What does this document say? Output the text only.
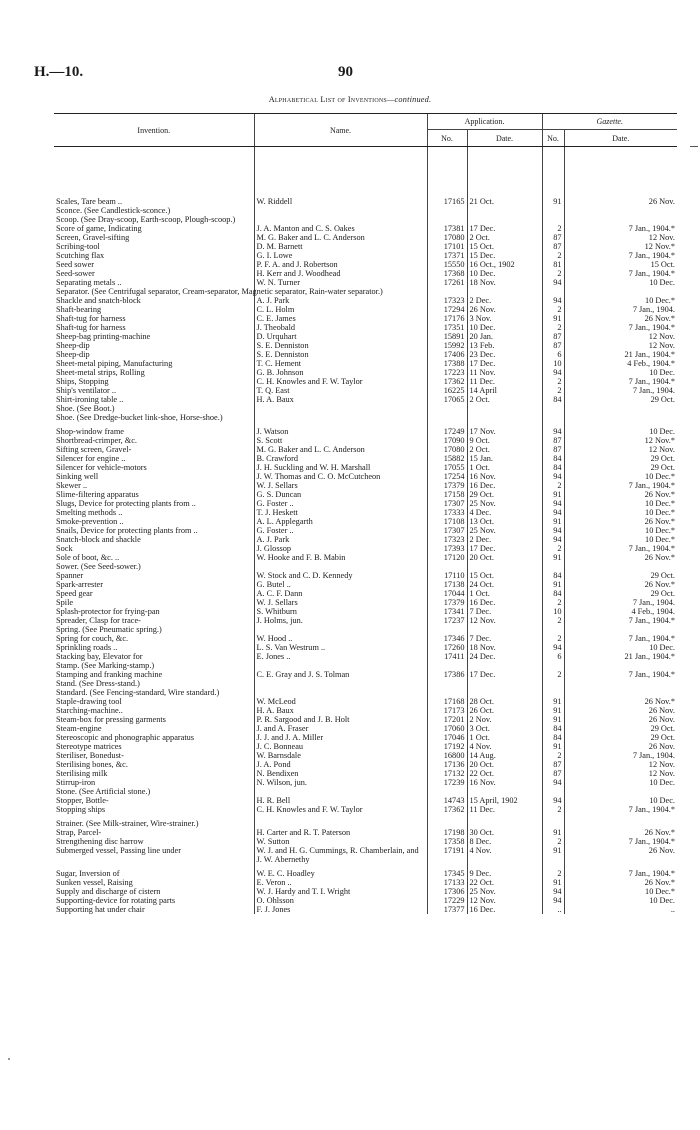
H.—10.	90
Alphabetical List of Inventions—continued.
Invention.	Name.	Application.		Gazette.	
		No.	Date.	No.	Date.
Scales, Tare beam ..	W. Riddell	17165	21 Oct.	91	26 Nov.
Sconce. (See Candlestick-sconce.)					
Scoop. (See Dray-scoop, Earth-scoop, Plough-scoop.)					
Score of game, Indicating	J. A. Manton and C. S. Oakes	17381	17 Dec.	2	7 Jan., 1904.*
Screen, Gravel-sifting	M. G. Baker and L. C. Anderson	17080	2 Oct.	87	12 Nov.
Scribing-tool	D. M. Barnett	17101	15 Oct.	87	12 Nov.*
Scutching flax	G. I. Lowe	17371	15 Dec.	2	7 Jan., 1904.*
Seed sower	P. F. A. and J. Robertson	15550	16 Oct., 1902	81	15 Oct.
Seed-sower	H. Kerr and J. Woodhead	17368	10 Dec.	2	7 Jan., 1904.*
Separating metals ..	W. N. Turner	17261	18 Nov.	94	10 Dec.
Separator. (See Centrifugal separator, Cream-separator, Magnetic separator, Rain-water separator.)					
Shackle and snatch-block	A. J. Park	17323	2 Dec.	94	10 Dec.*
Shaft-bearing	C. L. Holm	17294	26 Nov.	2	7 Jan., 1904.
Shaft-tug for harness	C. E. James	17176	3 Nov.	91	26 Nov.*
Shaft-tug for harness	J. Theobald	17351	10 Dec.	2	7 Jan., 1904.*
Sheep-bag printing-machine	D. Urquhart	15891	20 Jan.	87	12 Nov.
Sheep-dip	S. E. Denniston	15992	13 Feb.	87	12 Nov.
Sheep-dip	S. E. Denniston	17406	23 Dec.	6	21 Jan., 1904.*
Sheet-metal piping, Manufacturing	T. C. Hement	17388	17 Dec.	10	4 Feb., 1904.*
Sheet-metal strips, Rolling	G. B. Johnson	17223	11 Nov.	94	10 Dec.
Ships, Stopping	C. H. Knowles and F. W. Taylor	17362	11 Dec.	2	7 Jan., 1904.*
Ship's ventilator ..	T. Q. East	16225	14 April	2	7 Jan., 1904.
Shirt-ironing table ..	H. A. Baux	17065	2 Oct.	84	29 Oct.
Shoe. (See Boot.)					
Shoe. (See Dredge-bucket link-shoe, Horse-shoe.)					
Shop-window frame	J. Watson	17249	17 Nov.	94	10 Dec.
Shortbread-crimper, &c.	S. Scott	17090	9 Oct.	87	12 Nov.*
Sifting screen, Gravel-	M. G. Baker and L. C. Anderson	17080	2 Oct.	87	12 Nov.
Silencer for engine ..	B. Crawford	15882	15 Jan.	84	29 Oct.
Silencer for vehicle-motors	J. H. Suckling and W. H. Marshall	17055	1 Oct.	84	29 Oct.
Sinking well	J. W. Thomas and C. O. McCutcheon	17254	16 Nov.	94	10 Dec.*
Skewer ..	W. J. Sellars	17379	16 Dec.	2	7 Jan., 1904.*
Slime-filtering apparatus	G. S. Duncan	17158	29 Oct.	91	26 Nov.*
Slugs, Device for protecting plants from ..	G. Foster ..	17307	25 Nov.	94	10 Dec.*
Smelting methods ..	T. J. Heskett	17333	4 Dec.	94	10 Dec.*
Smoke-prevention ..	A. L. Applegarth	17108	13 Oct.	91	26 Nov.*
Snails, Device for protecting plants from ..	G. Foster ..	17307	25 Nov.	94	10 Dec.*
Snatch-block and shackle	A. J. Park	17323	2 Dec.	94	10 Dec.*
Sock	J. Glossop	17393	17 Dec.	2	7 Jan., 1904.*
Sole of boot, &c. ..	W. Hooke and F. B. Mabin	17120	20 Oct.	91	26 Nov.*
Sower. (See Seed-sower.)					
Spanner	W. Stock and C. D. Kennedy	17110	15 Oct.	84	29 Oct.
Spark-arrester	G. Butel ..	17138	24 Oct.	91	26 Nov.*
Speed gear	A. C. F. Dann	17044	1 Oct.	84	29 Oct.
Spile	W. J. Sellars	17379	16 Dec.	2	7 Jan., 1904.
Splash-protector for frying-pan	S. Whitburn	17341	7 Dec.	10	4 Feb., 1904.
Spreader, Clasp for trace-	J. Holms, jun.	17237	12 Nov.	2	7 Jan., 1904.*
Spring. (See Pneumatic spring.)					
Spring for couch, &c.	W. Hood ..	17346	7 Dec.	2	7 Jan., 1904.*
Sprinkling roads ..	L. S. Van Westrum ..	17260	18 Nov.	94	10 Dec.
Stacking bay, Elevator for	E. Jones ..	17411	24 Dec.	6	21 Jan., 1904.*
Stamp. (See Marking-stamp.)					
Stamping and franking machine	C. E. Gray and J. S. Tolman	17386	17 Dec.	2	7 Jan., 1904.*
Stand. (See Dress-stand.)					
Standard. (See Fencing-standard, Wire standard.)					
Staple-drawing tool	W. McLeod	17168	28 Oct.	91	26 Nov.*
Starching-machine..	H. A. Baux	17173	26 Oct.	91	26 Nov.
Steam-box for pressing garments	P. R. Sargood and J. B. Holt	17201	2 Nov.	91	26 Nov.
Steam-engine	J. and A. Fraser	17060	3 Oct.	84	29 Oct.
Stereoscopic and phonographic apparatus	J. J. and J. A. Miller	17046	1 Oct.	84	29 Oct.
Stereotype matrices	J. C. Bonneau	17192	4 Nov.	91	26 Nov.
Steriliser, Bonedust-	W. Barnsdale	16800	14 Aug.	2	7 Jan., 1904.
Sterilising bones, &c.	J. A. Pond	17136	20 Oct.	87	12 Nov.
Sterilising milk	N. Bendixen	17132	22 Oct.	87	12 Nov.
Stirrup-iron	N. Wilson, jun.	17239	16 Nov.	94	10 Dec.
Stone. (See Artificial stone.)					
Stopper, Bottle-	H. R. Bell	14743	15 April, 1902	94	10 Dec.
Stopping ships	C. H. Knowles and F. W. Taylor	17362	11 Dec.	2	7 Jan., 1904.*
Strainer. (See Milk-strainer, Wire-strainer.)					
Strap, Parcel-	H. Carter and R. T. Paterson	17198	30 Oct.	91	26 Nov.*
Strengthening disc harrow	W. Sutton	17358	8 Dec.	2	7 Jan., 1904.*
Submerged vessel, Passing line under	W. J. and H. G. Cummings, R. Chamberlain, and J. W. Abernethy	17191	4 Nov.	91	26 Nov.
Sugar, Inversion of	W. E. C. Hoadley	17345	9 Dec.	2	7 Jan., 1904.*
Sunken vessel, Raising	E. Veron ..	17133	22 Oct.	91	26 Nov.*
Supply and discharge of cistern	W. J. Hardy and T. I. Wright	17306	25 Nov.	94	10 Dec.*
Supporting-device for rotating parts	O. Ohlsson	17229	12 Nov.	94	10 Dec.
Supporting hat under chair	F. J. Jones	17377	16 Dec.	..	..
